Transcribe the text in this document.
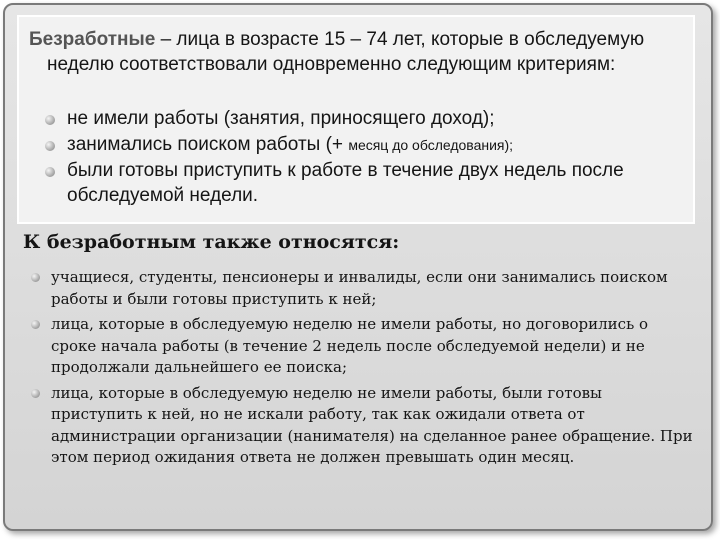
Безработные – лица в возрасте 15 – 74 лет, которые в обследуемую неделю соответствовали одновременно следующим критериям:

не имели работы (занятия, приносящего доход);
занимались поиском работы (+ месяц до обследования);
были готовы приступить к работе в течение двух недель после обследуемой недели.
К безработным также относятся:
учащиеся, студенты, пенсионеры и инвалиды, если они занимались поиском работы и были готовы приступить к ней;
лица, которые в обследуемую неделю не имели работы, но договорились о сроке начала работы (в течение 2 недель после обследуемой недели) и не продолжали дальнейшего ее поиска;
лица, которые в обследуемую неделю не имели работы, были готовы приступить к ней, но не искали работу, так как ожидали ответа от администрации организации (нанимателя) на сделанное ранее обращение. При этом период ожидания ответа не должен превышать один месяц.
